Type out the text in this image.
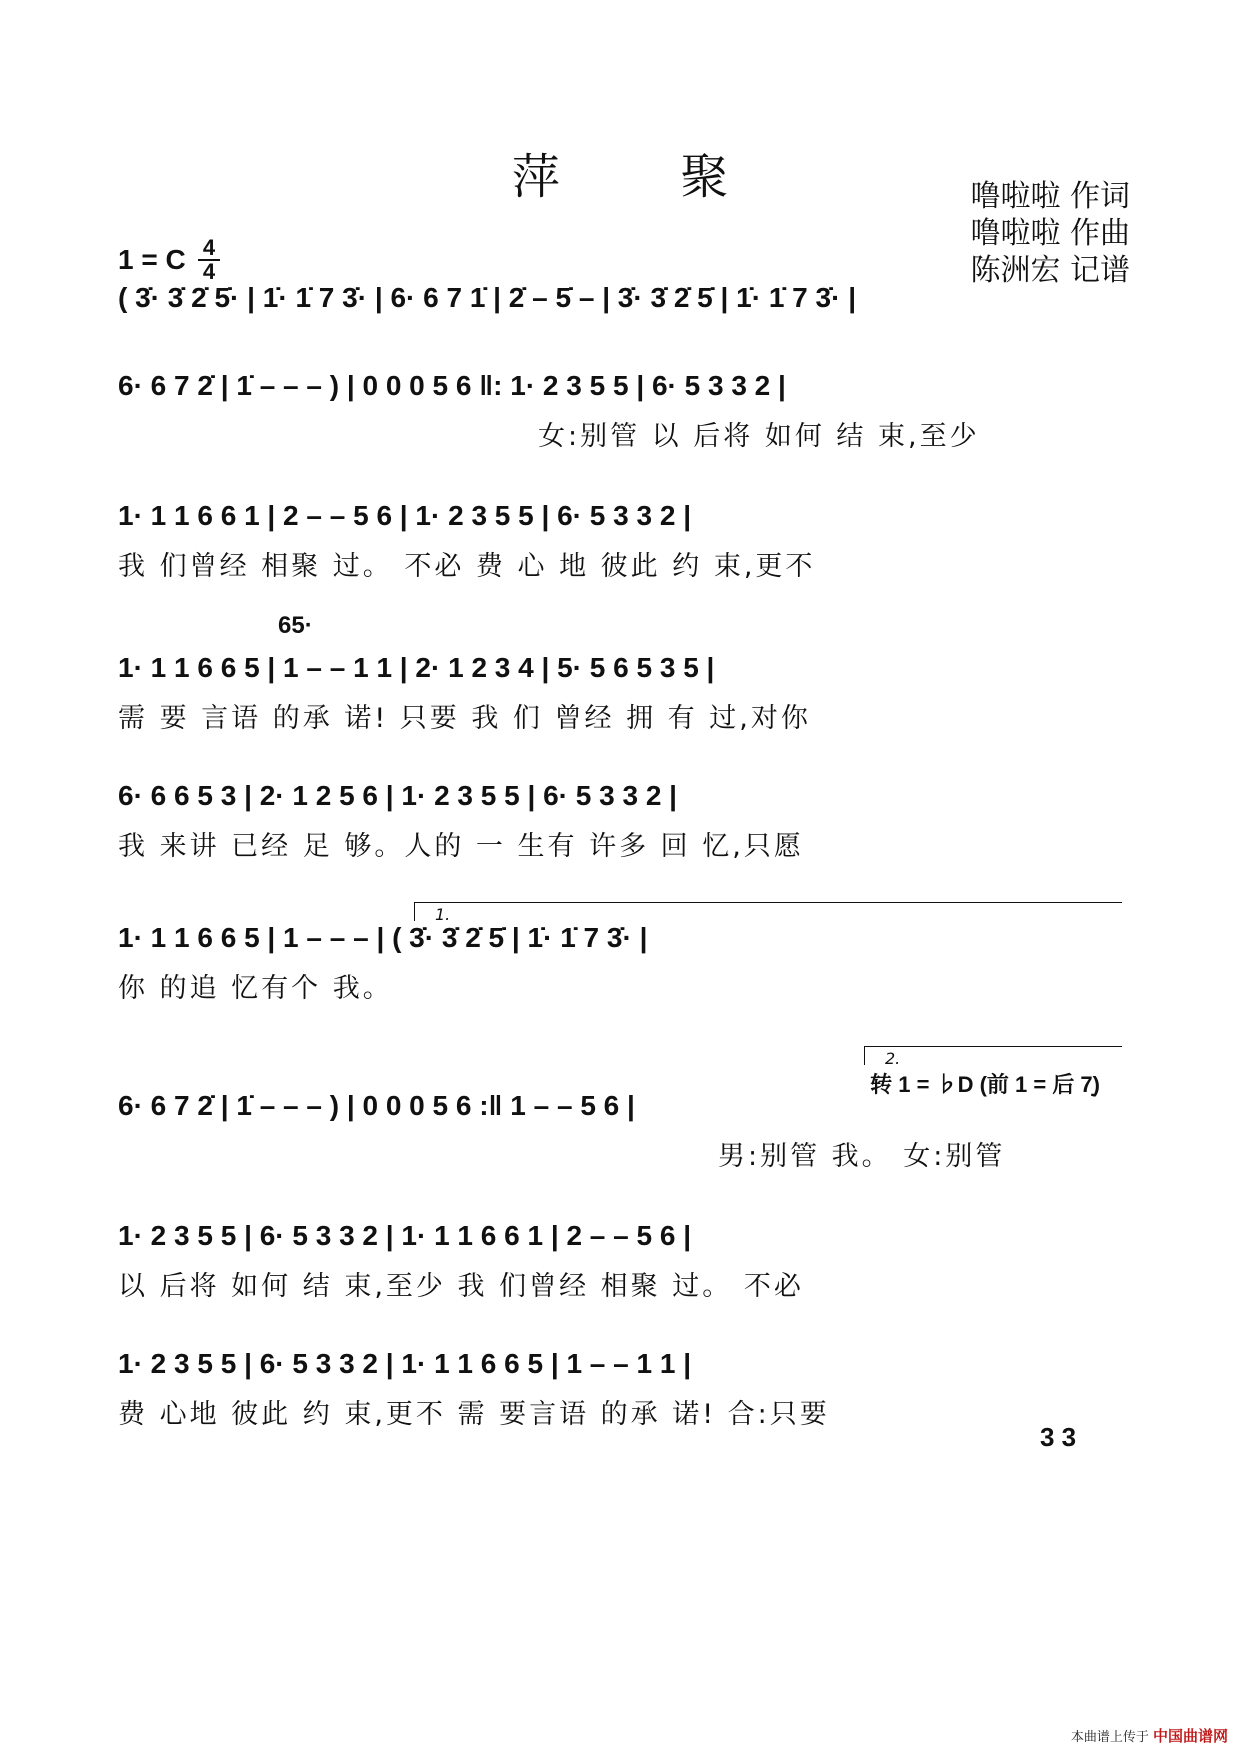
萍	聚	噜啦啦 作词
噜啦啦 作曲
陈洲宏 记谱
1 = C 4
4
( 3̇· 3̇ 2̇ 5̇· | 1̇· 1̇ 7 3̇· | 6· 6 7 1̇ | 2̇ – 5̇ – | 3̇· 3̇ 2̇ 5̇ | 1̇· 1̇ 7 3̇· |
6· 6 7 2̇ | 1̇ – – – ) | 0 0 0 5 6 ‖: 1· 2 3 5 5 | 6· 5 3 3 2 |
女:别管 以 后将 如何 结 束,至少
1· 1 1 6 6 1 | 2 – – 5 6 | 1· 2 3 5 5 | 6· 5 3 3 2 |
我 们曾经 相聚 过。 不必 费 心 地 彼此 约 束,更不
65·
1· 1 1 6 6 5 | 1 – – 1 1 | 2· 1 2 3 4 | 5· 5 6 5 3 5 |
需 要 言语 的承 诺! 只要 我 们 曾经 拥 有 过,对你
6· 6 6 5 3 | 2· 1 2 5 6 | 1· 2 3 5 5 | 6· 5 3 3 2 |
我 来讲 已经 足 够。人的 一 生有 许多 回 忆,只愿
1.
1· 1 1 6 6 5 | 1 – – – | ( 3̇· 3̇ 2̇ 5̇ | 1̇· 1̇ 7 3̇· |
你 的追 忆有个 我。
2.
转 1 = ♭D (前 1 = 后 7̣)
6· 6 7 2̇ | 1̇ – – – ) | 0 0 0 5 6 :‖ 1 – – 5 6 |
男:别管 我。 女:别管
1· 2 3 5 5 | 6· 5 3 3 2 | 1· 1 1 6 6 1 | 2 – – 5 6 |
以 后将 如何 结 束,至少 我 们曾经 相聚 过。 不必
1· 2 3 5 5 | 6· 5 3 3 2 | 1· 1 1 6 6 5 | 1 – – 1 1 |
费 心地 彼此 约 束,更不 需 要言语 的承 诺! 合:只要
3 3
本曲谱上传于 中国曲谱网
